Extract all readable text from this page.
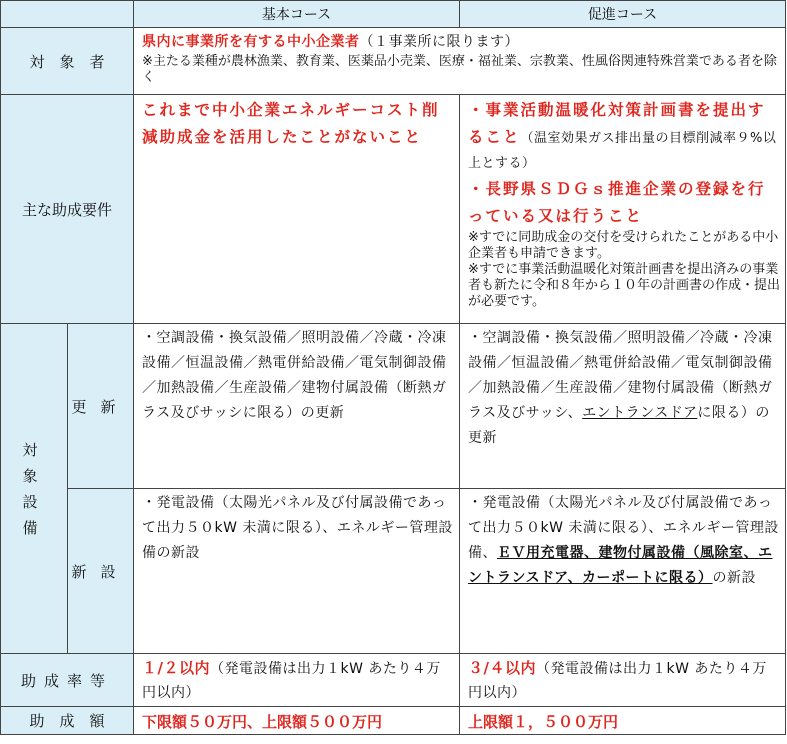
		基本コース	促進コース
対　象　者		県内に事業所を有する中小企業者（１事業所に限ります）
※主たる業種が農林漁業、教育業、医薬品小売業、医療・福祉業、宗教業、性風俗関連特殊営業である者を除く	

主な助成要件		これまで中小企業エネルギーコスト削減助成金を活用したことがないこと	・事業活動温暖化対策計画書を提出すること（温室効果ガス排出量の目標削減率９%以上とする）
・長野県ＳＤＧｓ推進企業の登録を行っている又は行うこと
※すでに同助成金の交付を受けられたことがある中小企業者も申請できます。
※すでに事業活動温暖化対策計画書を提出済みの事業者も新たに令和８年から１０年の計画書の作成・提出が必要です。

対象設備	更新	・空調設備・換気設備／照明設備／冷蔵・冷凍設備／恒温設備／熱電併給設備／電気制御設備／加熱設備／生産設備／建物付属設備（断熱ガラス及びサッシに限る）の更新	・空調設備・換気設備／照明設備／冷蔵・冷凍設備／恒温設備／熱電併給設備／電気制御設備／加熱設備／生産設備／建物付属設備（断熱ガラス及びサッシ、エントランスドアに限る）の更新

	新設	・発電設備（太陽光パネル及び付属設備であって出力５０kW 未満に限る）、エネルギー管理設備の新設	・発電設備（太陽光パネル及び付属設備であって出力５０kW 未満に限る）、エネルギー管理設備、ＥＶ用充電器、建物付属設備（風除室、エントランスドア、カーポートに限る）の新設

助成率等		１/２以内（発電設備は出力１kW あたり４万円以内）	３/４以内（発電設備は出力１kW あたり４万円以内）

助　成　額		下限額５０万円、上限額５００万円	上限額１，５００万円
